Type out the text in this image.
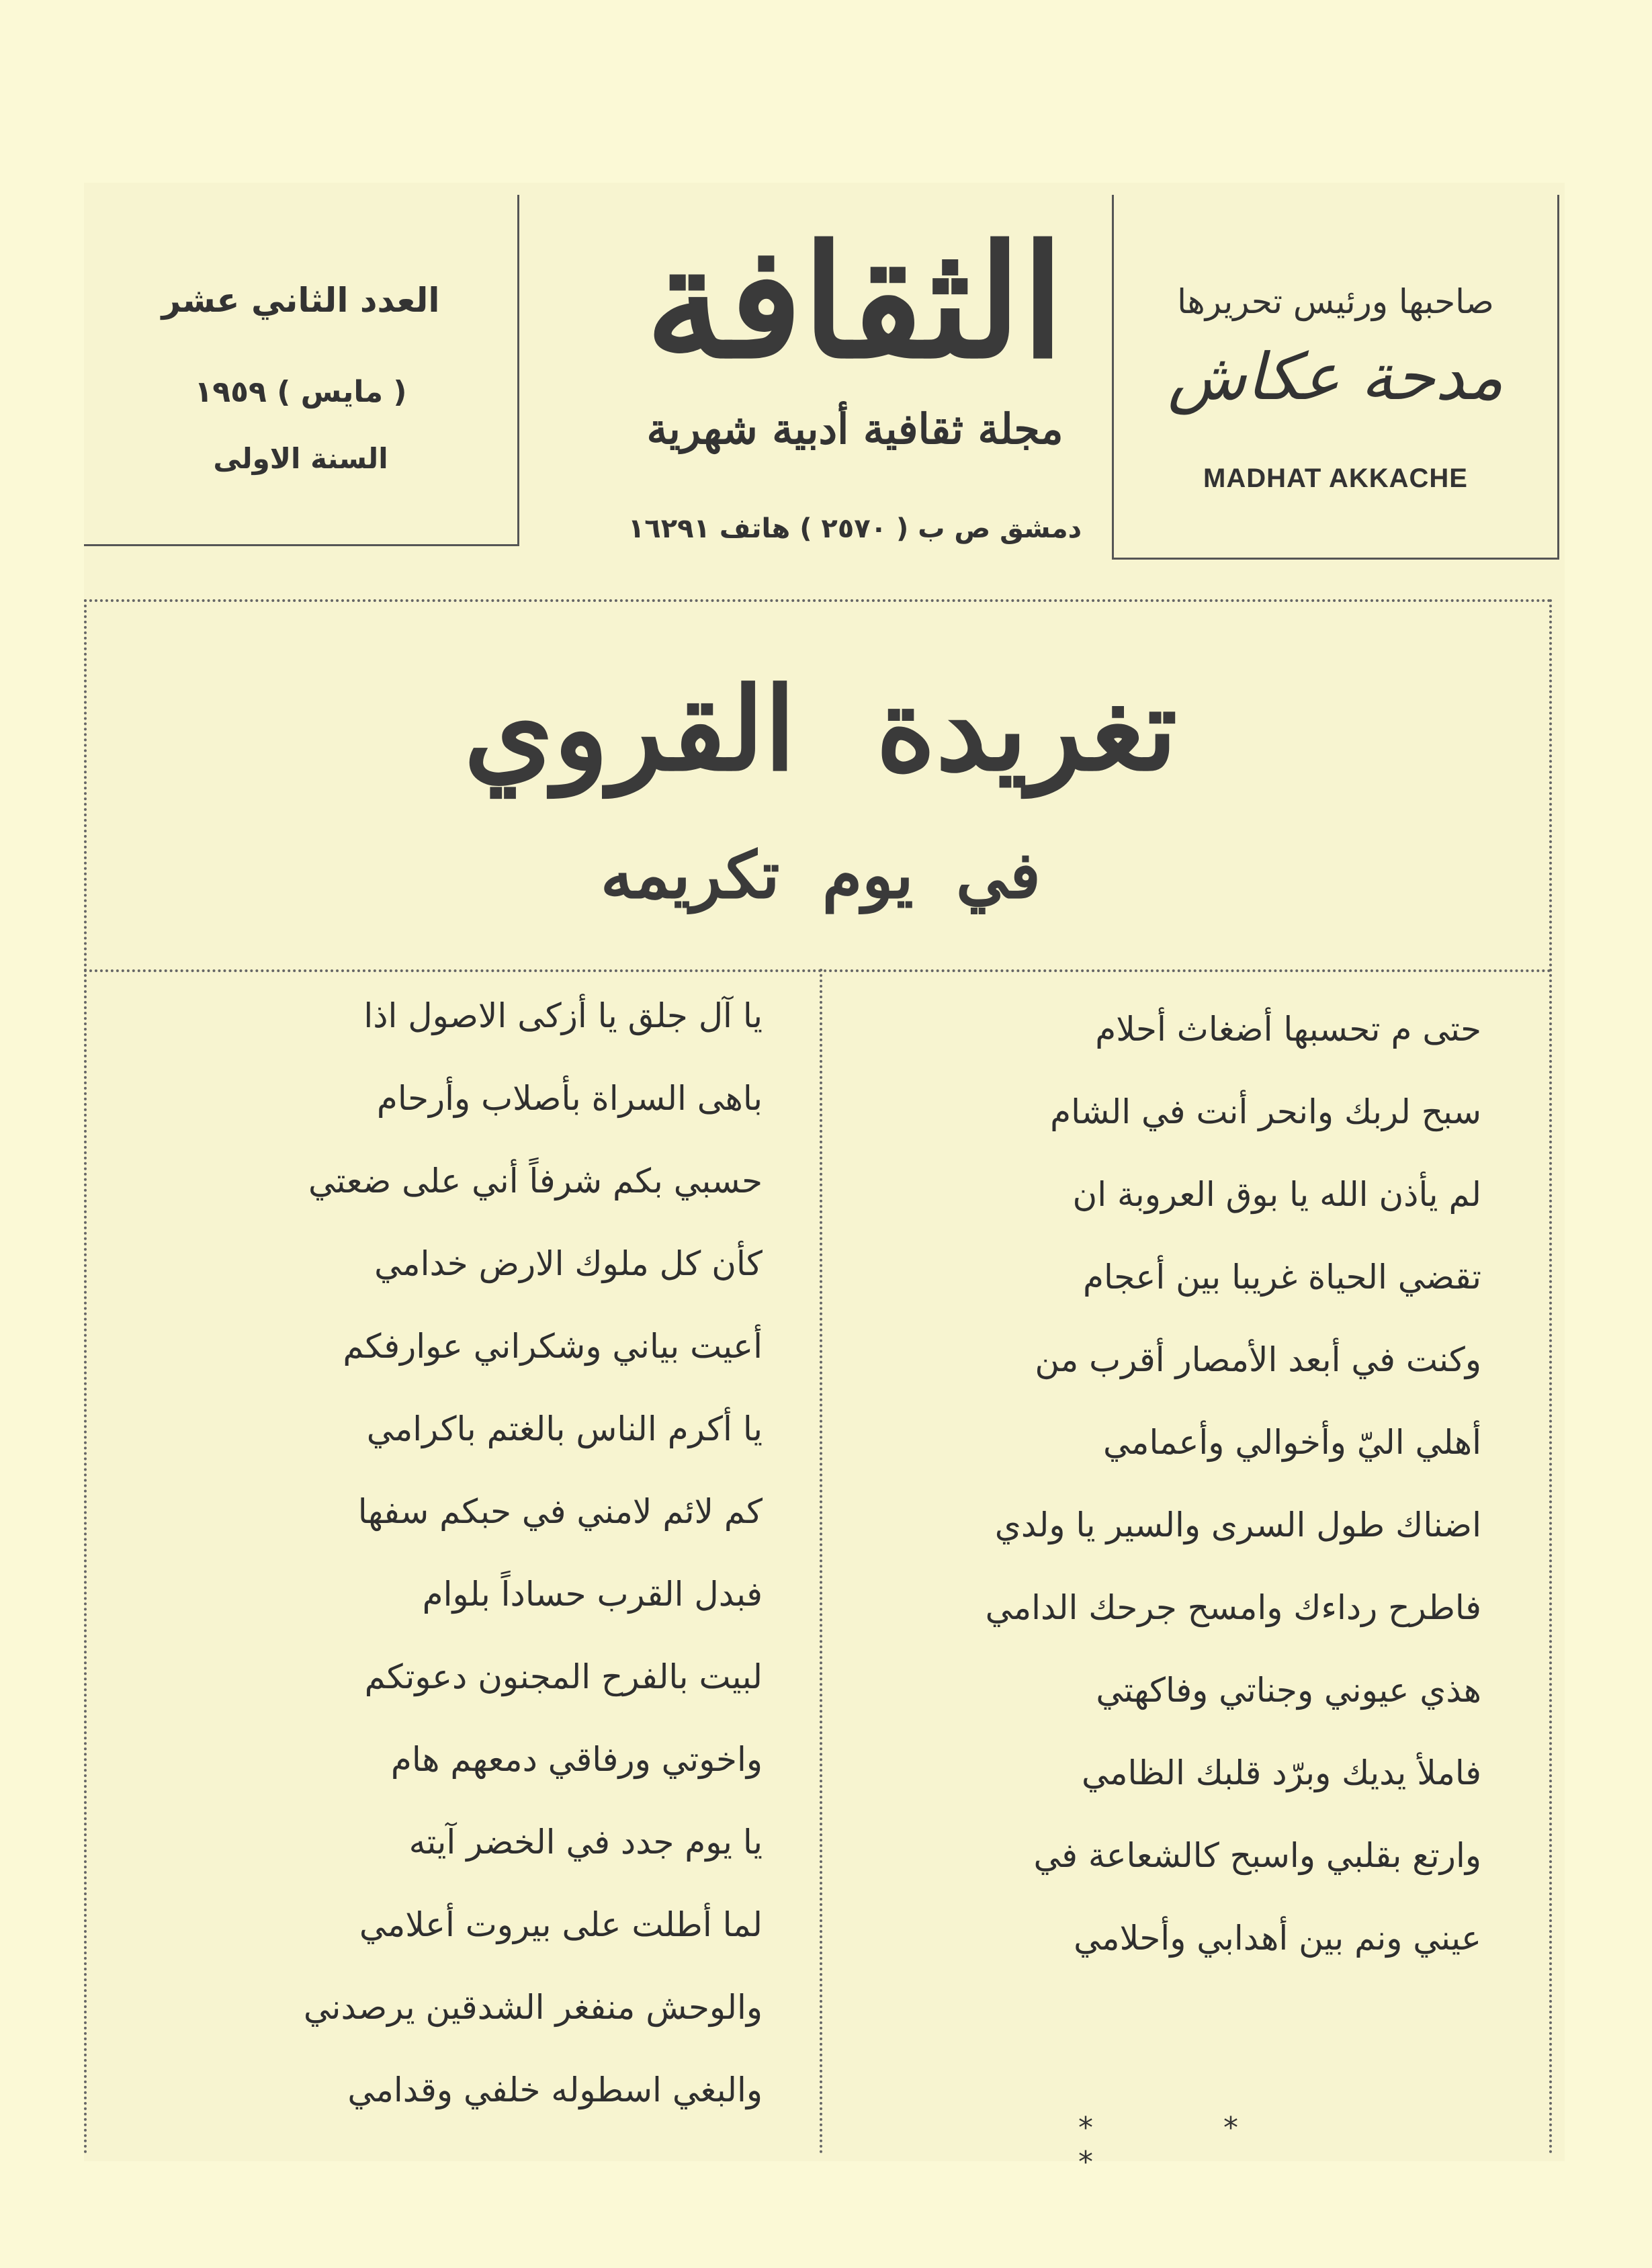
العدد الثاني عشر
( مايس ) ١٩٥٩
السنة الاولى
الثقافة
مجلة ثقافية أدبية شهرية
دمشق ص ب ( ٢٥٧٠ ) هاتف ١٦٢٩١
صاحبها ورئيس تحريرها
مدحة عكاش
MADHAT AKKACHE
تغريدة القروي
في يوم تكريمه
حتى م تحسبها أضغاث أحلام
سبح لربك وانحر أنت في الشام
لم يأذن الله يا بوق العروبة ان
تقضي الحياة غريبا بين أعجام
وكنت في أبعد الأمصار أقرب من
أهلي اليّ وأخوالي وأعمامي
اضناك طول السرى والسير يا ولدي
فاطرح رداءك وامسح جرحك الدامي
هذي عيوني وجناتي وفاكهتي
فاملأ يديك وبرّد قلبك الظامي
وارتع بقلبي واسبح كالشعاعة في
عيني ونم بين أهدابي وأحلامي
يا آل جلق يا أزكى الاصول اذا
باهى السراة بأصلاب وأرحام
حسبي بكم شرفاً أني على ضعتي
كأن كل ملوك الارض خدامي
أعيت بياني وشكراني عوارفكم
يا أكرم الناس بالغتم باكرامي
كم لائم لامني في حبكم سفها
فبدل القرب حساداً بلوام
لبيت بالفرح المجنون دعوتكم
واخوتي ورفاقي دمعهم هام
يا يوم جدد في الخضر آيته
لما أطلت على بيروت أعلامي
والوحش منفغر الشدقين يرصدني
والبغي اسطوله خلفي وقدامي
* * *
